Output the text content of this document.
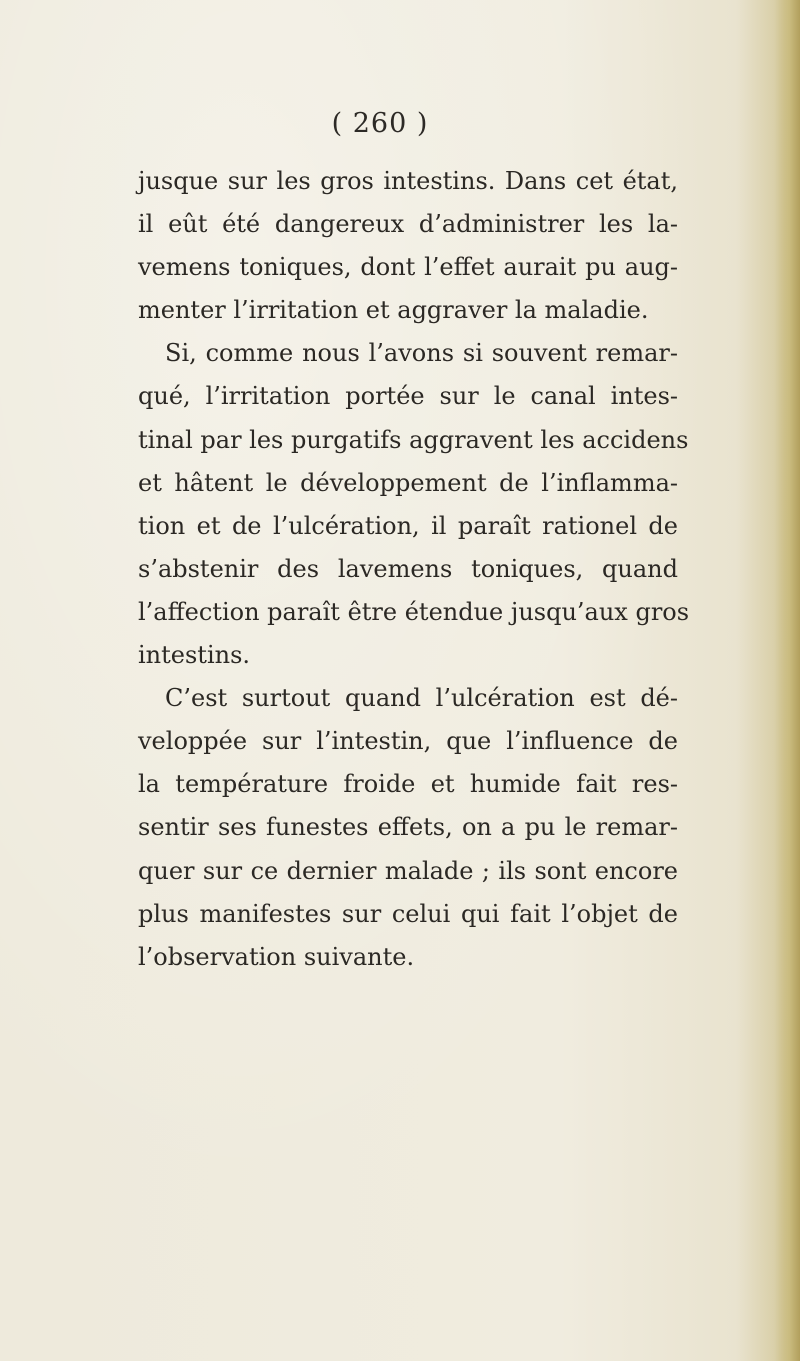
( 260 )
jusque sur les gros intestins. Dans cet état,
il eût été dangereux d’administrer les la-
vemens toniques, dont l’effet aurait pu aug-
menter l’irritation et aggraver la maladie.
Si, comme nous l’avons si souvent remar-
qué, l’irritation portée sur le canal intes-
tinal par les purgatifs aggravent les accidens
et hâtent le développement de l’inflamma-
tion et de l’ulcération, il paraît rationel de
s’abstenir des lavemens toniques, quand
l’affection paraît être étendue jusqu’aux gros
intestins.
C’est surtout quand l’ulcération est dé-
veloppée sur l’intestin, que l’influence de
la température froide et humide fait res-
sentir ses funestes effets, on a pu le remar-
quer sur ce dernier malade ; ils sont encore
plus manifestes sur celui qui fait l’objet de
l’observation suivante.
